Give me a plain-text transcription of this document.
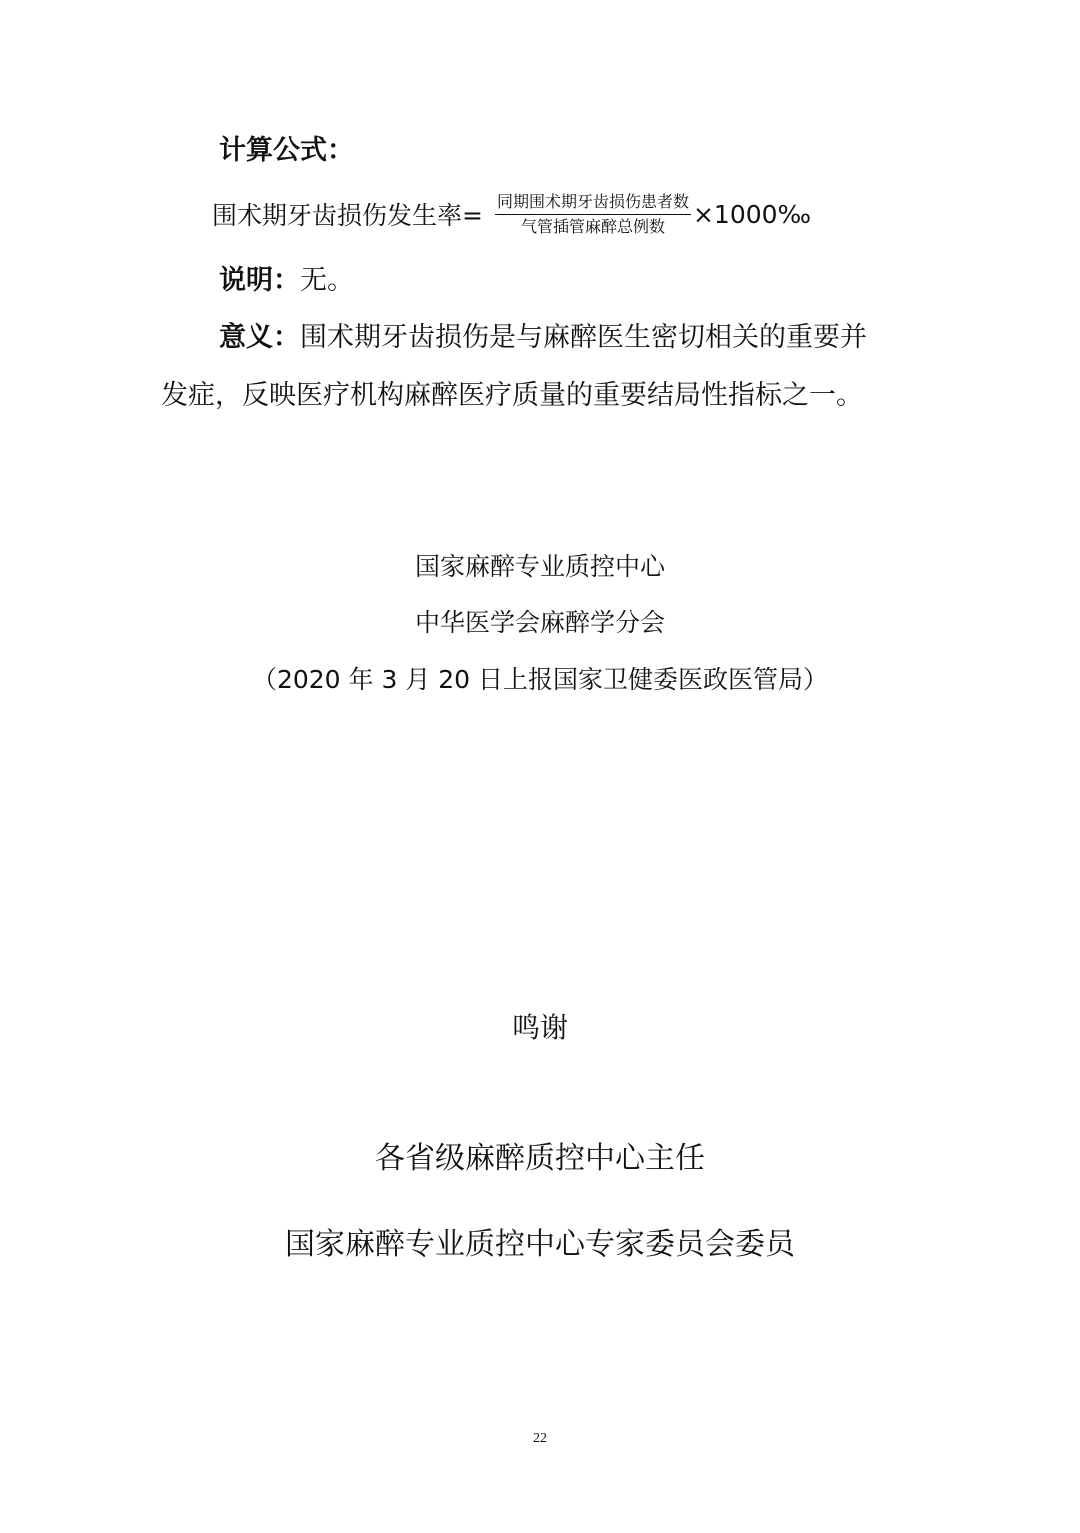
计算公式：
围术期牙齿损伤发生率= $\frac{\text{同期围术期牙齿损伤患者数}}{\text{气管插管麻醉总例数}}$ ×1000‰
说明：无。
意义：围术期牙齿损伤是与麻醉医生密切相关的重要并
发症，反映医疗机构麻醉医疗质量的重要结局性指标之一。
国家麻醉专业质控中心
中华医学会麻醉学分会
（2020 年 3 月 20 日上报国家卫健委医政医管局）
鸣谢
各省级麻醉质控中心主任
国家麻醉专业质控中心专家委员会委员
22
